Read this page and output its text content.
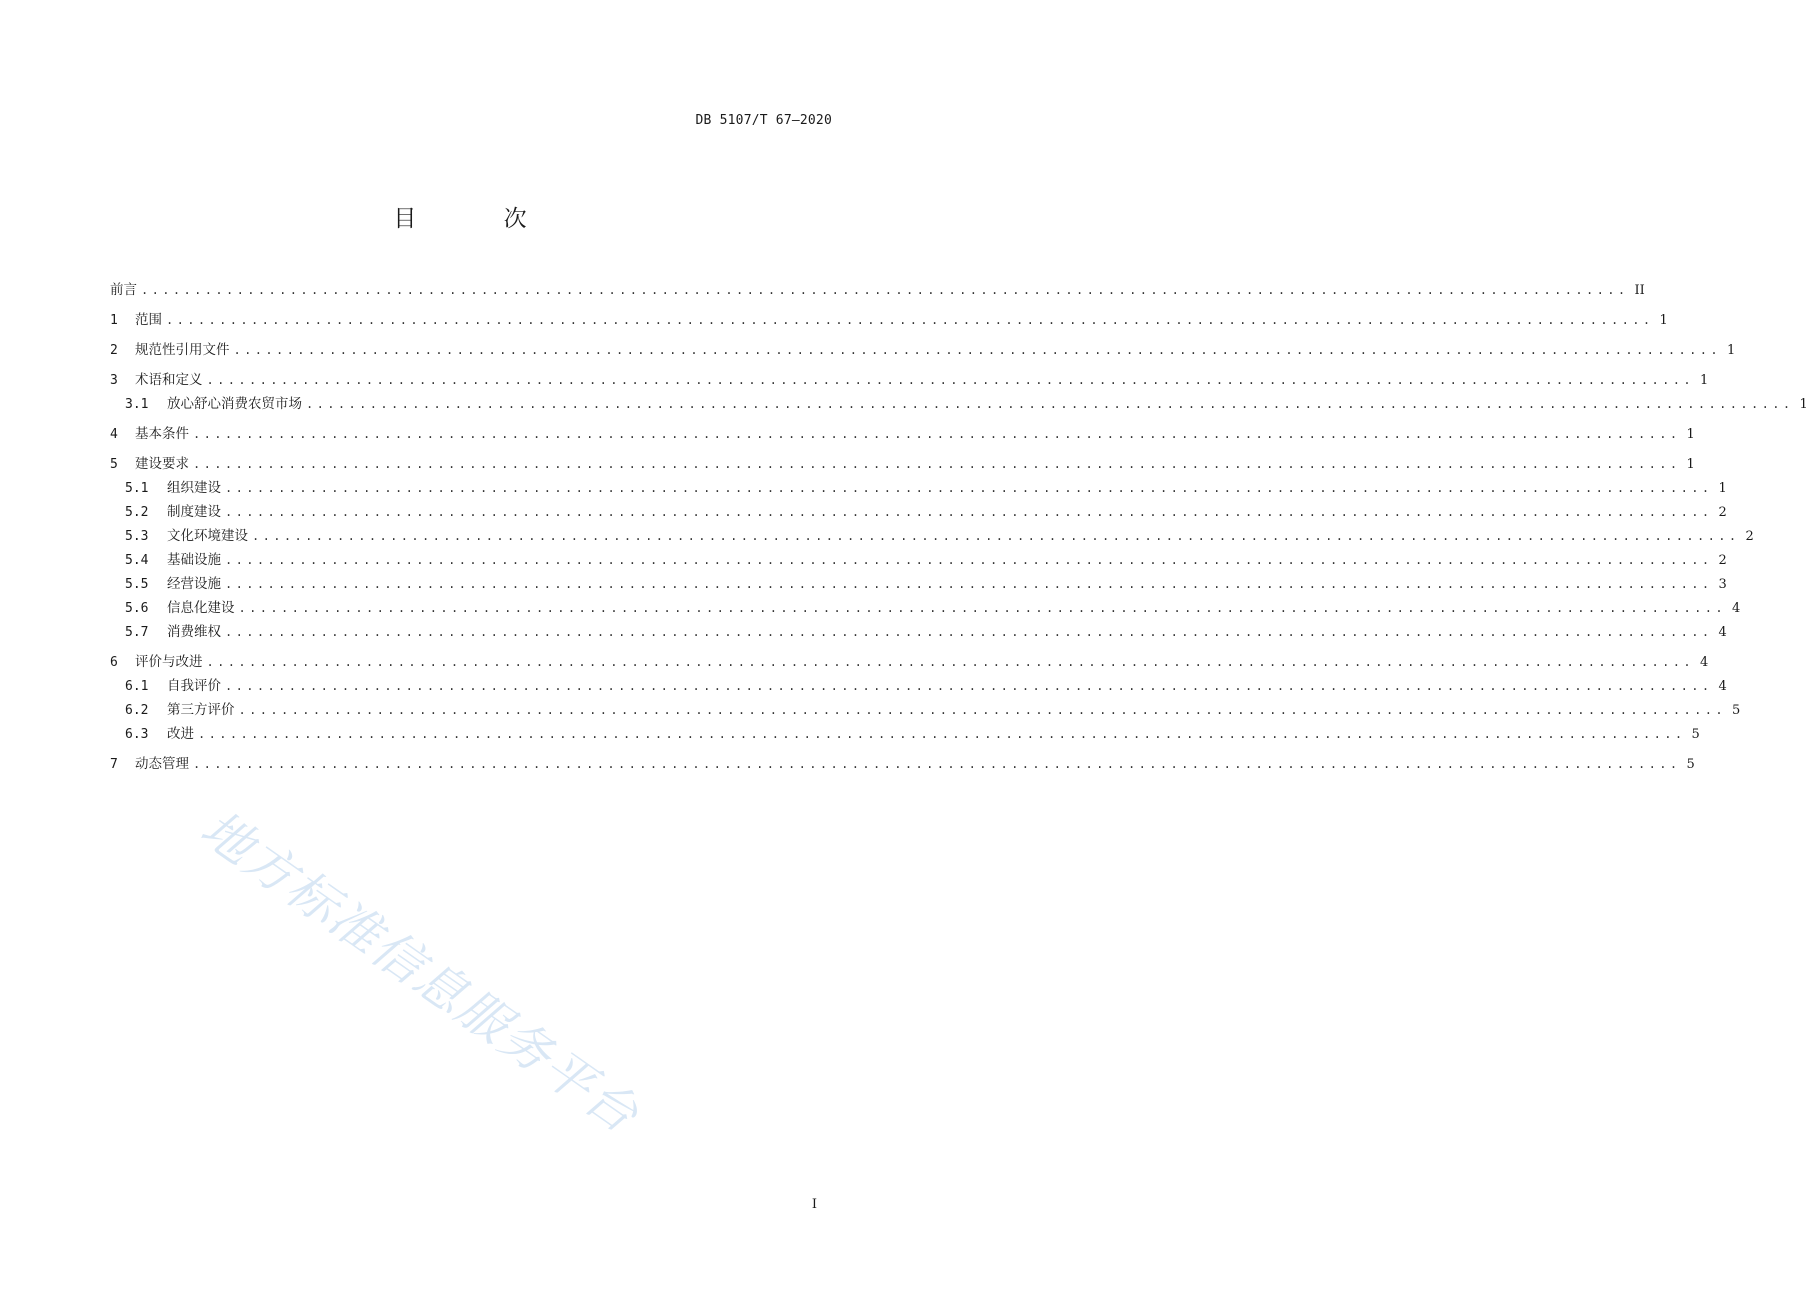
DB 5107/T 67—2020
目 次
前言 ............................................................................................................................................ II
1	范围 ............................................................................................................................................ 1
2	规范性引用文件 ............................................................................................................................................ 1
3	术语和定义 ............................................................................................................................................ 1
3.1	放心舒心消费农贸市场 ............................................................................................................................................ 1
4	基本条件 ............................................................................................................................................ 1
5	建设要求 ............................................................................................................................................ 1
5.1	组织建设 ............................................................................................................................................ 1
5.2	制度建设 ............................................................................................................................................ 2
5.3	文化环境建设 ............................................................................................................................................ 2
5.4	基础设施 ............................................................................................................................................ 2
5.5	经营设施 ............................................................................................................................................ 3
5.6	信息化建设 ............................................................................................................................................ 4
5.7	消费维权 ............................................................................................................................................ 4
6	评价与改进 ............................................................................................................................................ 4
6.1	自我评价 ............................................................................................................................................ 4
6.2	第三方评价 ............................................................................................................................................ 5
6.3	改进 ............................................................................................................................................ 5
7	动态管理 ............................................................................................................................................ 5
地方标准信息服务平台
I
